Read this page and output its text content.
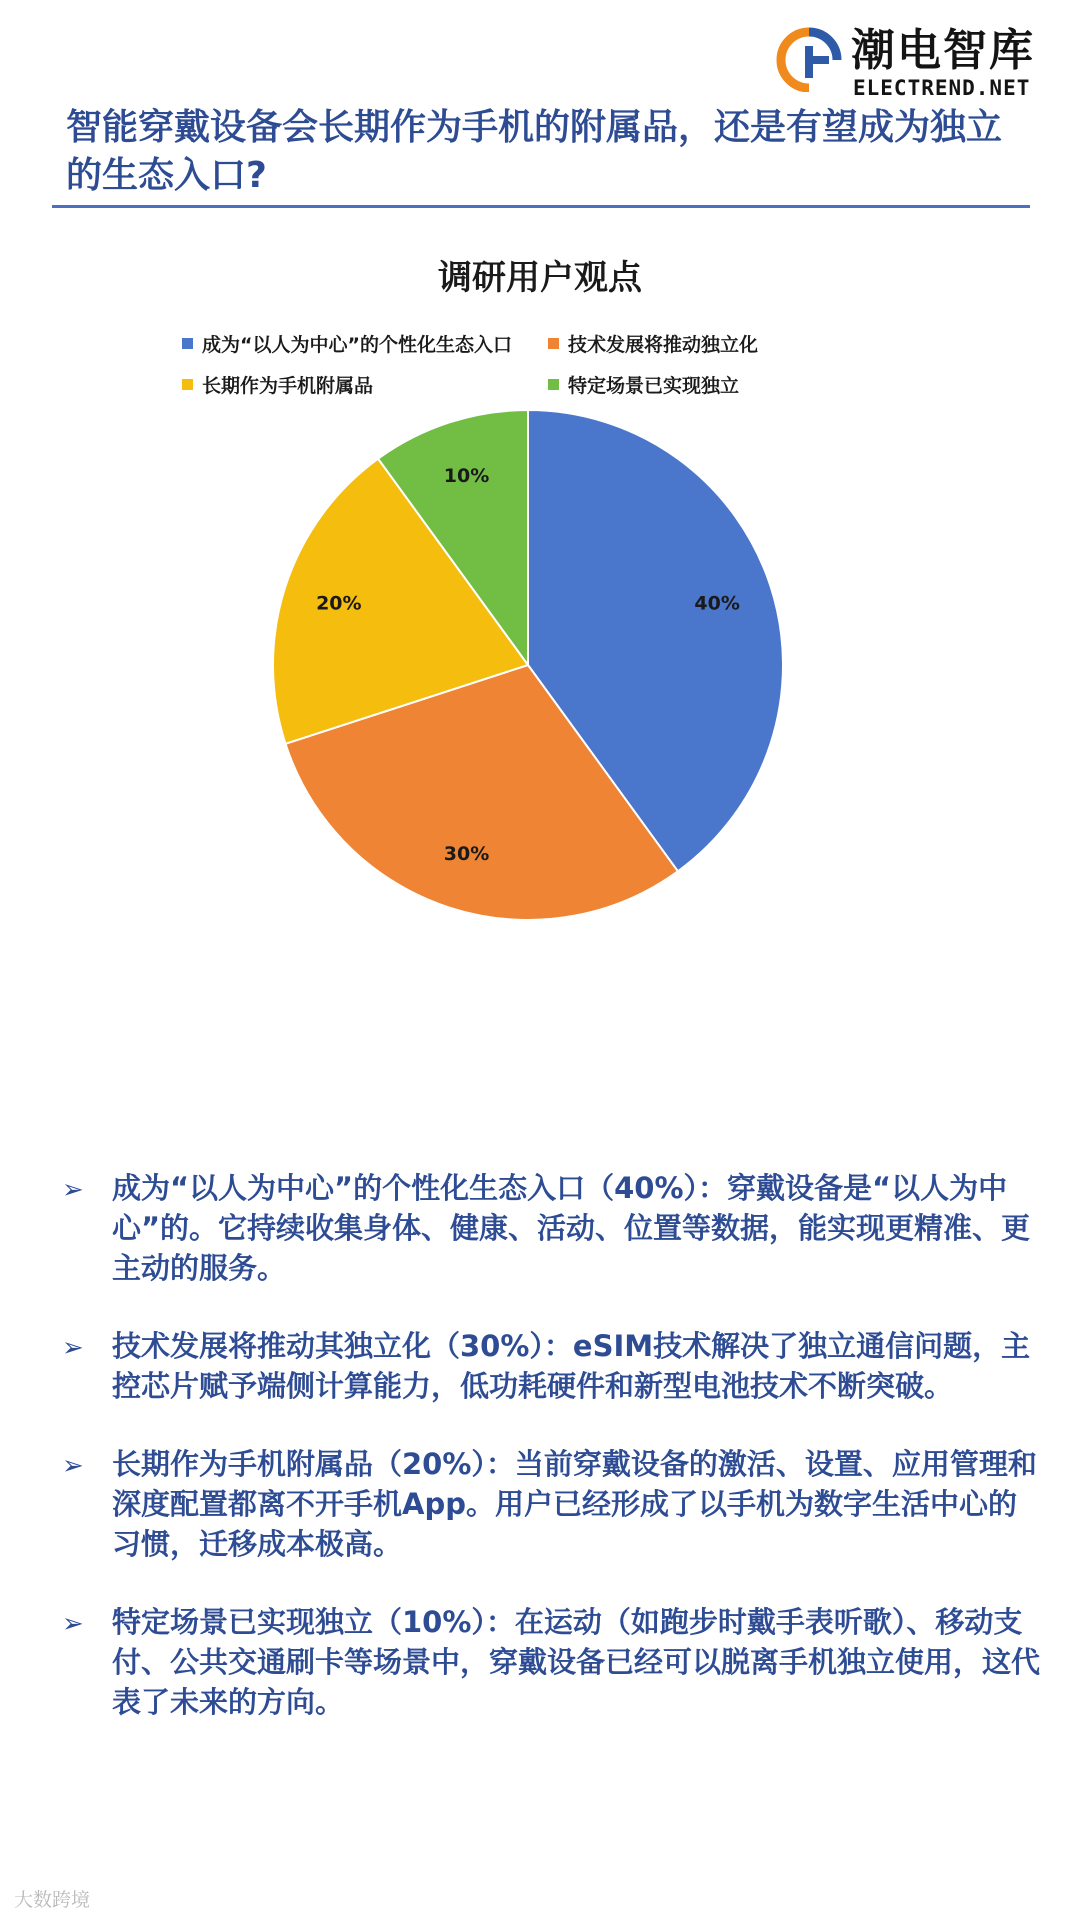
潮电智库
ELECTREND.NET
智能穿戴设备会长期作为手机的附属品，还是有望成为独立的生态入口?
调研用户观点
成为“以人为中心”的个性化生态入口	技术发展将推动独立化
长期作为手机附属品	特定场景已实现独立
40%
30%
20%
10%
➢ 成为“以人为中心”的个性化生态入口（40%）：穿戴设备是“以人为中心”的。它持续收集身体、健康、活动、位置等数据，能实现更精准、更主动的服务。
➢ 技术发展将推动其独立化（30%）：eSIM技术解决了独立通信问题，主控芯片赋予端侧计算能力，低功耗硬件和新型电池技术不断突破。
➢ 长期作为手机附属品（20%）：当前穿戴设备的激活、设置、应用管理和深度配置都离不开手机App。用户已经形成了以手机为数字生活中心的习惯，迁移成本极高。
➢ 特定场景已实现独立（10%）：在运动（如跑步时戴手表听歌）、移动支付、公共交通刷卡等场景中，穿戴设备已经可以脱离手机独立使用，这代表了未来的方向。
大数跨境
